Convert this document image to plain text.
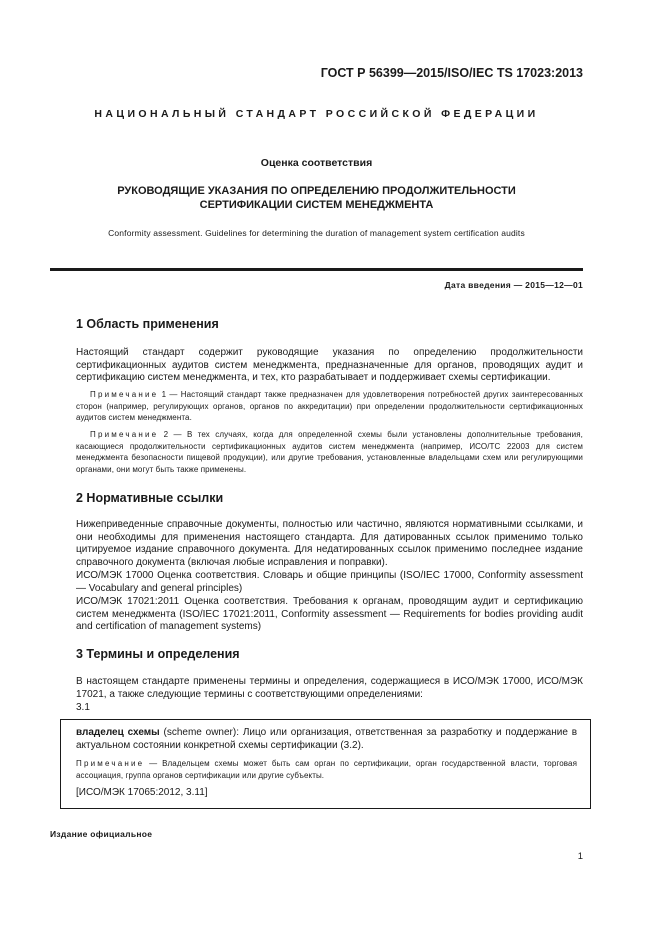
ГОСТ Р 56399—2015/ISO/IEC TS 17023:2013
НАЦИОНАЛЬНЫЙ СТАНДАРТ РОССИЙСКОЙ ФЕДЕРАЦИИ
Оценка соответствия
РУКОВОДЯЩИЕ УКАЗАНИЯ ПО ОПРЕДЕЛЕНИЮ ПРОДОЛЖИТЕЛЬНОСТИ
СЕРТИФИКАЦИИ СИСТЕМ МЕНЕДЖМЕНТА
Conformity assessment. Guidelines for determining the duration of management system certification audits
Дата введения — 2015—12—01
1 Область применения
Настоящий стандарт содержит руководящие указания по определению продолжительности сертификационных аудитов систем менеджмента, предназначенные для органов, проводящих аудит и сертификацию систем менеджмента, и тех, кто разрабатывает и поддерживает схемы сертификации.
Примечание 1 — Настоящий стандарт также предназначен для удовлетворения потребностей других заинтересованных сторон (например, регулирующих органов, органов по аккредитации) при определении продолжительности сертификационных аудитов систем менеджмента.
Примечание 2 — В тех случаях, когда для определенной схемы были установлены дополнительные требования, касающиеся продолжительности сертификационных аудитов систем менеджмента (например, ИСО/ТС 22003 для систем менеджмента безопасности пищевой продукции), или другие требования, установленные владельцами схем или регулирующими органами, они могут быть также применены.
2 Нормативные ссылки
Нижеприведенные справочные документы, полностью или частично, являются нормативными ссылками, и они необходимы для применения настоящего стандарта. Для датированных ссылок применимо только цитируемое издание справочного документа. Для недатированных ссылок применимо последнее издание справочного документа (включая любые исправления и поправки).
ИСО/МЭК 17000 Оценка соответствия. Словарь и общие принципы (ISO/IEC 17000, Conformity assessment — Vocabulary and general principles)
ИСО/МЭК 17021:2011 Оценка соответствия. Требования к органам, проводящим аудит и сертификацию систем менеджмента (ISO/IEC 17021:2011, Conformity assessment — Requirements for bodies providing audit and certification of management systems)
3 Термины и определения
В настоящем стандарте применены термины и определения, содержащиеся в ИСО/МЭК 17000, ИСО/МЭК 17021, а также следующие термины с соответствующими определениями:
3.1
владелец схемы (scheme owner): Лицо или организация, ответственная за разработку и поддержание в актуальном состоянии конкретной схемы сертификации (3.2).
Примечание — Владельцем схемы может быть сам орган по сертификации, орган государственной власти, торговая ассоциация, группа органов сертификации или другие субъекты.
[ИСО/МЭК 17065:2012, 3.11]
Издание официальное
1
